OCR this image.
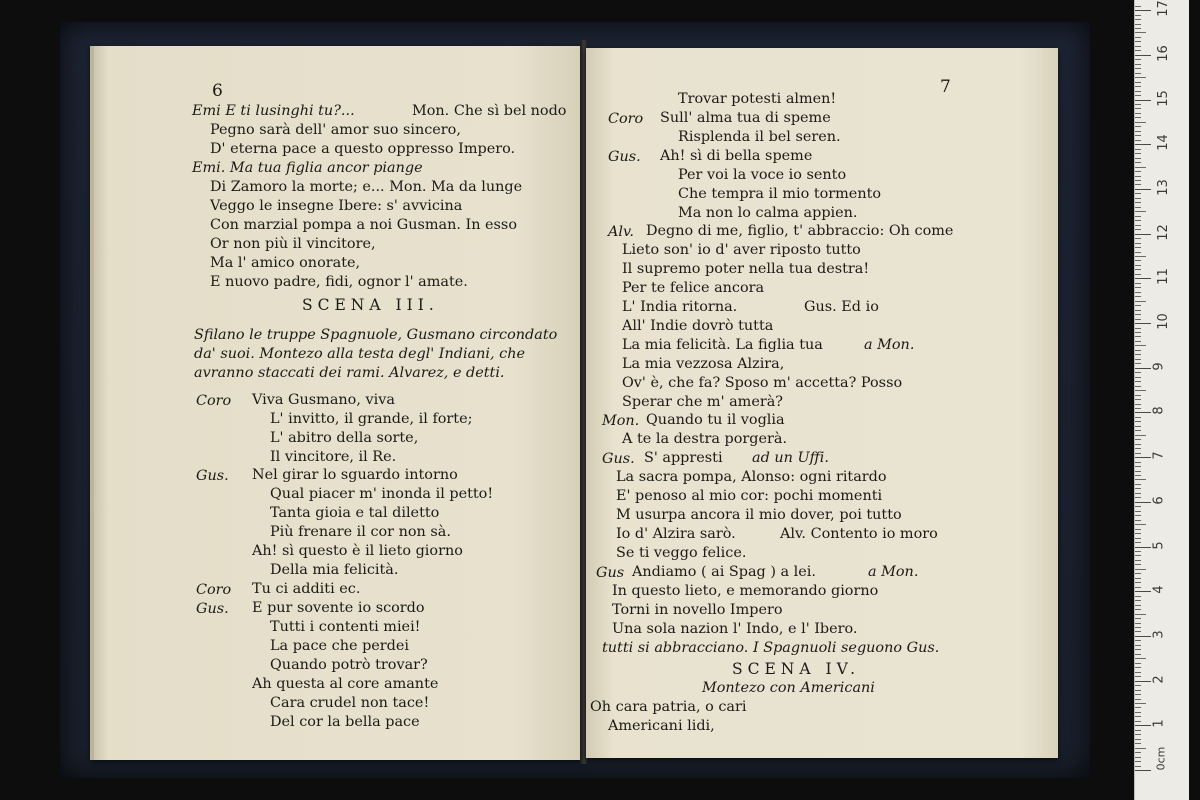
6
Emi E ti lusinghi tu?...	Mon. Che sì bel nodo
Pegno sarà dell' amor suo sincero,
D' eterna pace a questo oppresso Impero.
Emi. Ma tua figlia ancor piange
Di Zamoro la morte; e... Mon. Ma da lunge
Veggo le insegne Ibere: s' avvicina
Con marzial pompa a noi Gusman. In esso
Or non più il vincitore,
Ma l' amico onorate,
E nuovo padre, fidi, ognor l' amate.
SCENA III.
Sfilano le truppe Spagnuole, Gusmano circondato
da' suoi. Montezo alla testa degl' Indiani, che
avranno staccati dei rami. Alvarez, e detti.
Coro Viva Gusmano, viva
L' invitto, il grande, il forte;
L' abitro della sorte,
Il vincitore, il Re.
Gus. Nel girar lo sguardo intorno
Qual piacer m' inonda il petto!
Tanta gioia e tal diletto
Più frenare il cor non sà.
Ah! sì questo è il lieto giorno
Della mia felicità.
Coro Tu ci additi ec.
Gus. E pur sovente io scordo
Tutti i contenti miei!
La pace che perdei
Quando potrò trovar?
Ah questa al core amante
Cara crudel non tace!
Del cor la bella pace
7
Trovar potesti almen!
Coro Sull' alma tua di speme
Risplenda il bel seren.
Gus. Ah! sì di bella speme
Per voi la voce io sento
Che tempra il mio tormento
Ma non lo calma appien.
Alv. Degno di me, figlio, t' abbraccio: Oh come
Lieto son' io d' aver riposto tutto
Il supremo poter nella tua destra!
Per te felice ancora
L' India ritorna.	Gus. Ed io
All' Indie dovrò tutta
La mia felicità. La figlia tua	a Mon.
La mia vezzosa Alzira,
Ov' è, che fa? Sposo m' accetta? Posso
Sperar che m' amerà?
Mon. Quando tu il voglia
A te la destra porgerà.
Gus. S' appresti ad un Uffi.
La sacra pompa, Alonso: ogni ritardo
E' penoso al mio cor: pochi momenti
M usurpa ancora il mio dover, poi tutto
Io d' Alzira sarò.	Alv. Contento io moro
Se ti veggo felice.
Gus Andiamo ( ai Spag ) a lei.	a Mon.
In questo lieto, e memorando giorno
Torni in novello Impero
Una sola nazion l' Indo, e l' Ibero.
tutti si abbracciano. I Spagnuoli seguono Gus.
SCENA IV.
Montezo con Americani
Oh cara patria, o cari
Americani lidi,
0cm
1
2
3
4
5
6
7
8
9
10
11
12
13
14
15
16
17
